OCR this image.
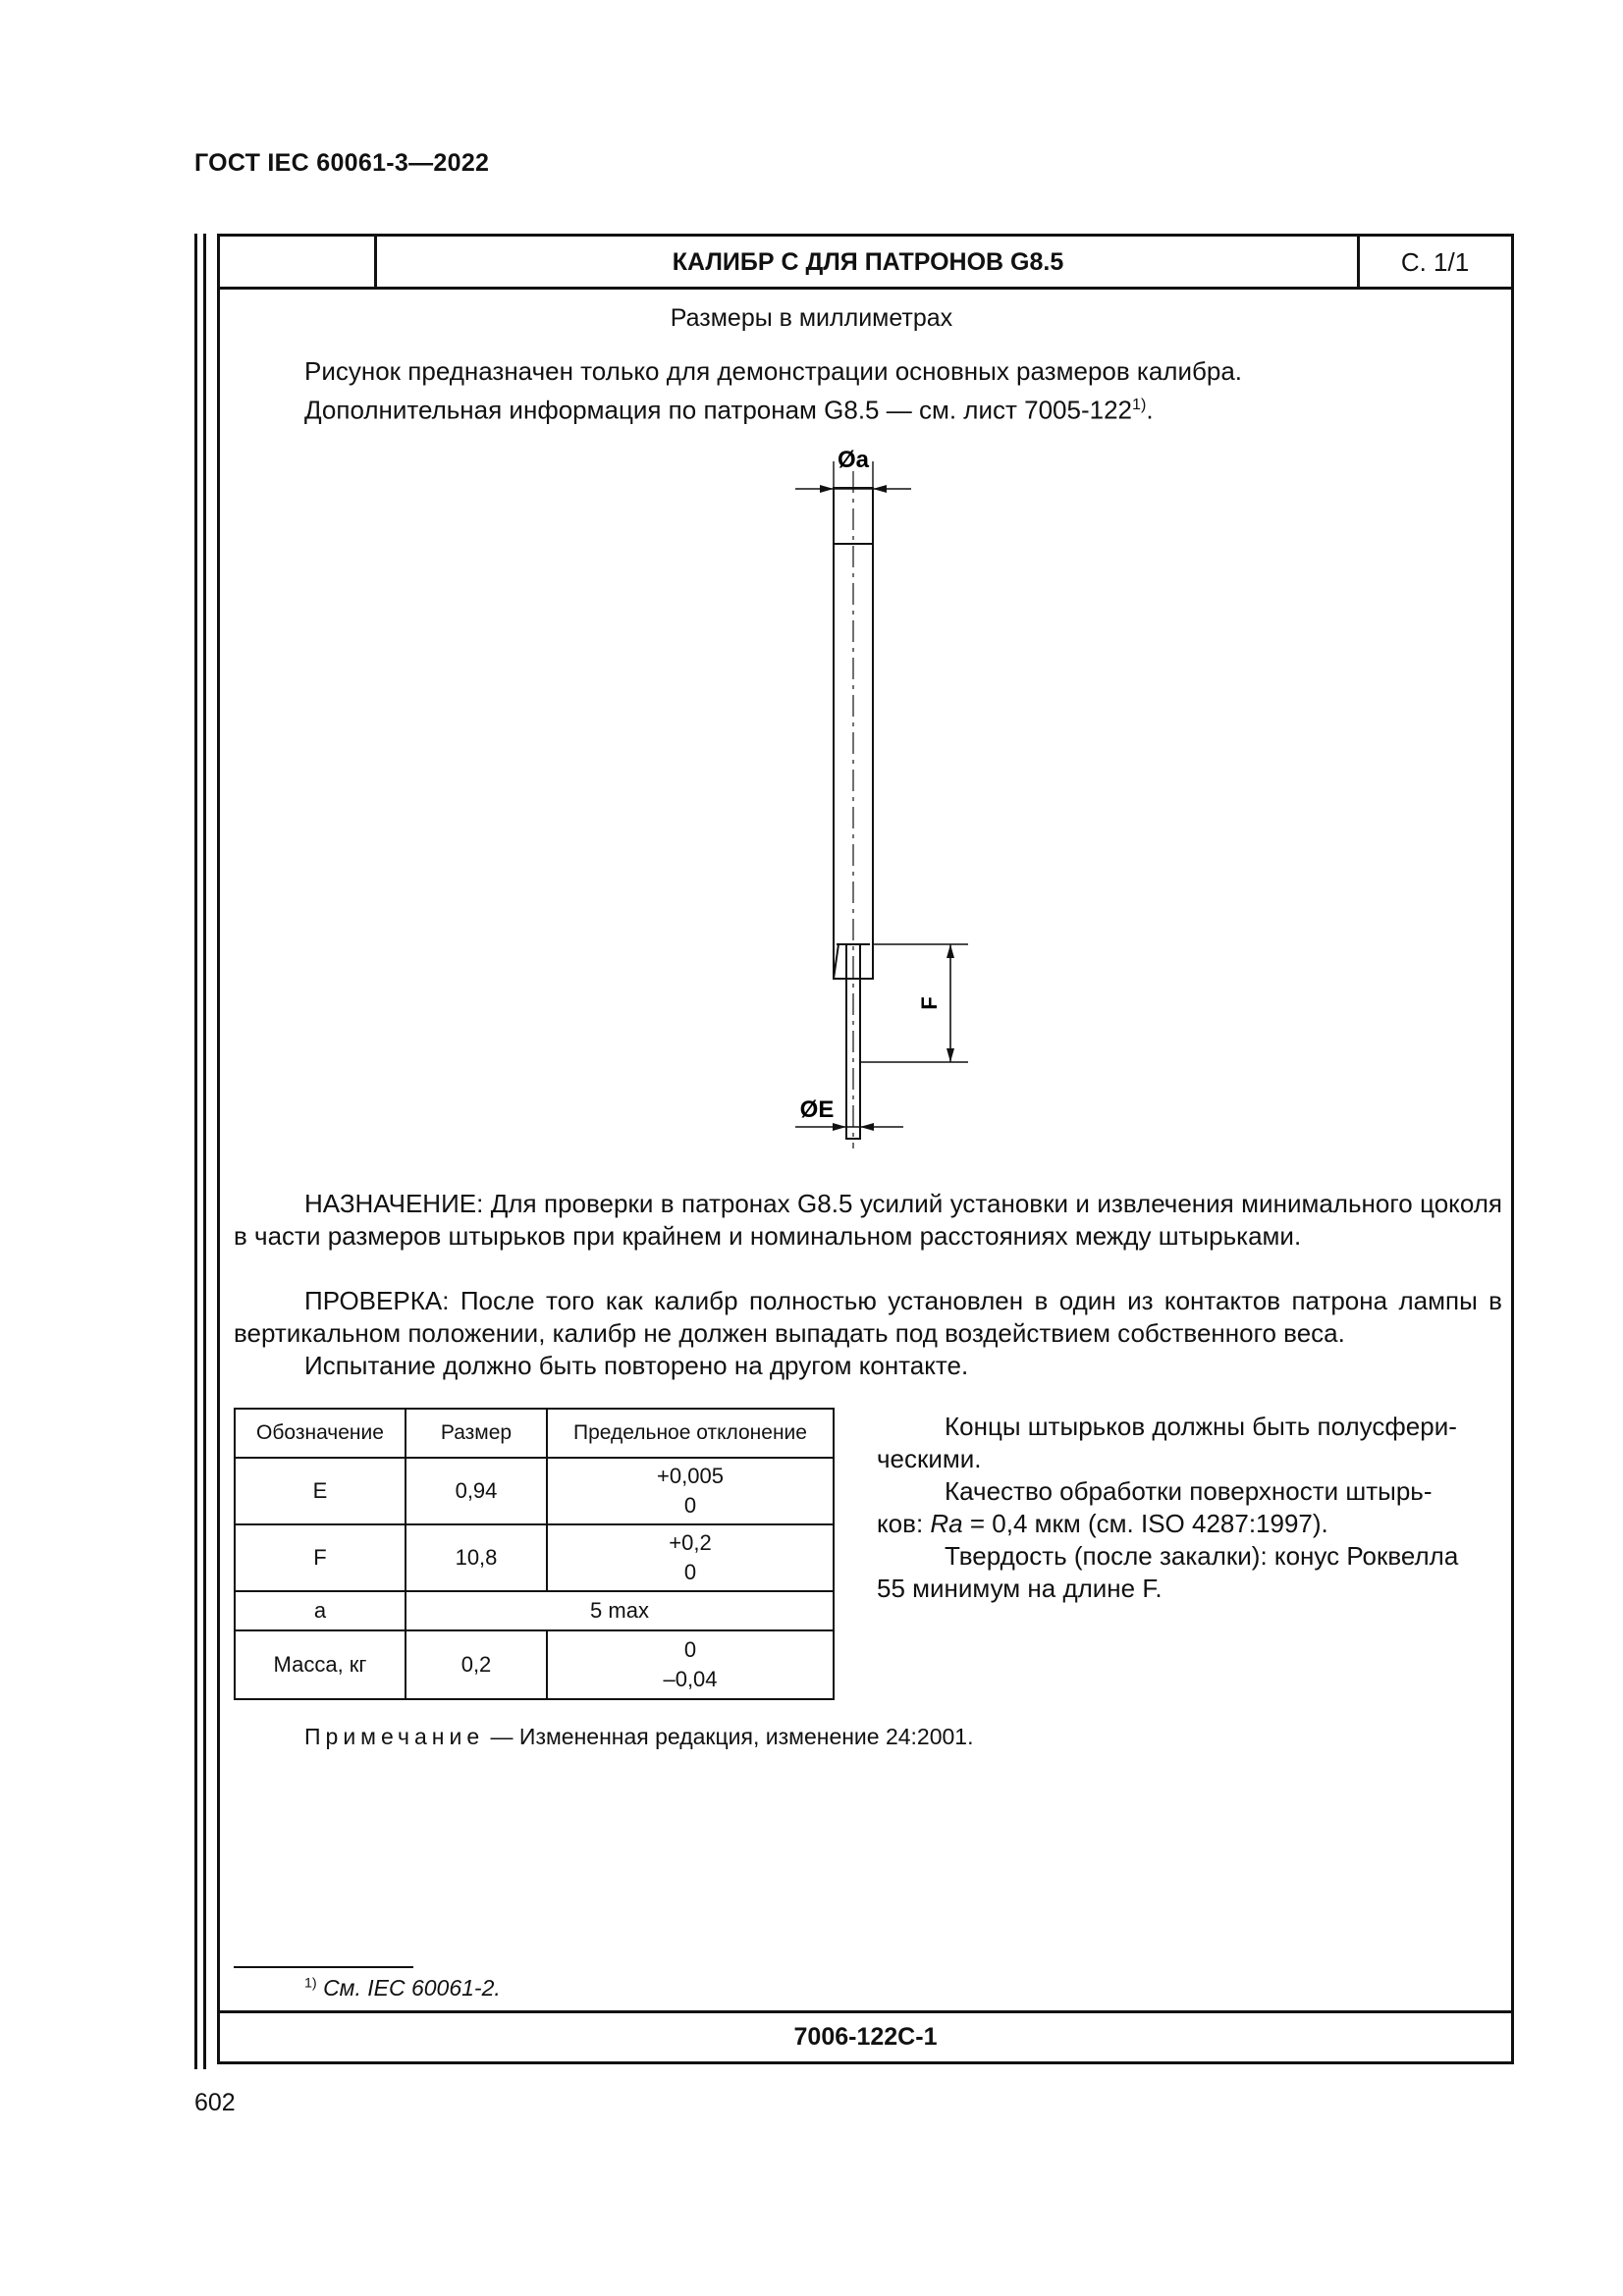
ГОСТ IEC 60061-3—2022
КАЛИБР С ДЛЯ ПАТРОНОВ G8.5	С. 1/1
7006-122C-1
Размеры в миллиметрах
Рисунок предназначен только для демонстрации основных размеров калибра.
Дополнительная информация по патронам G8.5 — см. лист 7005-122$^{1)}$.
Øa
F
ØE
НАЗНАЧЕНИЕ: Для проверки в патронах G8.5 усилий установки и извлечения минимального цоколя в части размеров штырьков при крайнем и номинальном расстояниях между штырьками.
ПРОВЕРКА: После того как калибр полностью установлен в один из контактов патрона лампы в вертикальном положении, калибр не должен выпадать под воздействием собственного веса.
Испытание должно быть повторено на другом контакте.
Обозначение	Размер	Предельное отклонение
E	0,94	+0,005
0

F	10,8	+0,2
0

a	5 max	
Масса, кг	0,2	0
–0,04
Концы штырьков должны быть полусфери-
ческими.
Качество обработки поверхности штырь-
ков: Ra = 0,4 мкм (см. ISO 4287:1997).
Твердость (после закалки): конус Роквелла
55 минимум на длине F.
Примечание — Измененная редакция, изменение 24:2001.
$^{1)}$ См. IEC 60061-2.
602
